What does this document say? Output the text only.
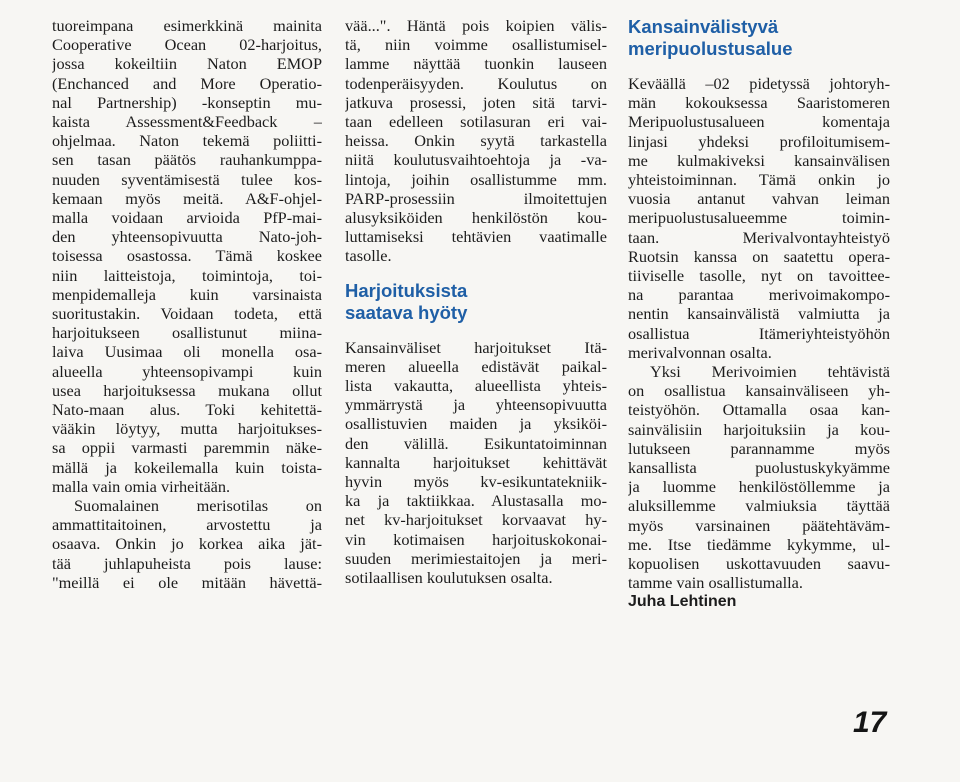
tuoreimpana esimerkkinä mainita
Cooperative Ocean 02-harjoitus,
jossa kokeiltiin Naton EMOP
(Enchanced and More Operatio-
nal Partnership) -konseptin mu-
kaista Assessment&Feedback –
ohjelmaa. Naton tekemä poliitti-
sen tasan päätös rauhankumppa-
nuuden syventämisestä tulee kos-
kemaan myös meitä. A&F-ohjel-
malla voidaan arvioida PfP-mai-
den yhteensopivuutta Nato-joh-
toisessa osastossa. Tämä koskee
niin laitteistoja, toimintoja, toi-
menpidemalleja kuin varsinaista
suoritustakin. Voidaan todeta, että
harjoitukseen osallistunut miina-
laiva Uusimaa oli monella osa-
alueella yhteensopivampi kuin
usea harjoituksessa mukana ollut
Nato-maan alus. Toki kehitettä-
vääkin löytyy, mutta harjoitukses-
sa oppii varmasti paremmin näke-
mällä ja kokeilemalla kuin toista-
malla vain omia virheitään.
Suomalainen merisotilas on
ammattitaitoinen, arvostettu ja
osaava. Onkin jo korkea aika jät-
tää juhlapuheista pois lause:
"meillä ei ole mitään hävettä-
vää...". Häntä pois koipien välis-
tä, niin voimme osallistumisel-
lamme näyttää tuonkin lauseen
todenperäisyyden. Koulutus on
jatkuva prosessi, joten sitä tarvi-
taan edelleen sotilasuran eri vai-
heissa. Onkin syytä tarkastella
niitä koulutusvaihtoehtoja ja -va-
lintoja, joihin osallistumme mm.
PARP-prosessiin ilmoitettujen
alusyksiköiden henkilöstön kou-
luttamiseksi tehtävien vaatimalle
tasolle.
Harjoituksista
saatava hyöty
Kansainväliset harjoitukset Itä-
meren alueella edistävät paikal-
lista vakautta, alueellista yhteis-
ymmärrystä ja yhteensopivuutta
osallistuvien maiden ja yksiköi-
den välillä. Esikuntatoiminnan
kannalta harjoitukset kehittävät
hyvin myös kv-esikuntatekniik-
ka ja taktiikkaa. Alustasalla mo-
net kv-harjoitukset korvaavat hy-
vin kotimaisen harjoituskokonai-
suuden merimiestaitojen ja meri-
sotilaallisen koulutuksen osalta.
Kansainvälistyvä
meripuolustusalue
Keväällä –02 pidetyssä johtoryh-
män kokouksessa Saaristomeren
Meripuolustusalueen komentaja
linjasi yhdeksi profiloitumisem-
me kulmakiveksi kansainvälisen
yhteistoiminnan. Tämä onkin jo
vuosia antanut vahvan leiman
meripuolustusalueemme toimin-
taan. Merivalvontayhteistyö
Ruotsin kanssa on saatettu opera-
tiiviselle tasolle, nyt on tavoittee-
na parantaa merivoimakompo-
nentin kansainvälistä valmiutta ja
osallistua Itämeriyhteistyöhön
merivalvonnan osalta.
Yksi Merivoimien tehtävistä
on osallistua kansainväliseen yh-
teistyöhön. Ottamalla osaa kan-
sainvälisiin harjoituksiin ja kou-
lutukseen parannamme myös
kansallista puolustuskykyämme
ja luomme henkilöstöllemme ja
aluksillemme valmiuksia täyttää
myös varsinainen päätehtäväm-
me. Itse tiedämme kykymme, ul-
kopuolisen uskottavuuden saavu-
tamme vain osallistumalla.
Juha Lehtinen
17
